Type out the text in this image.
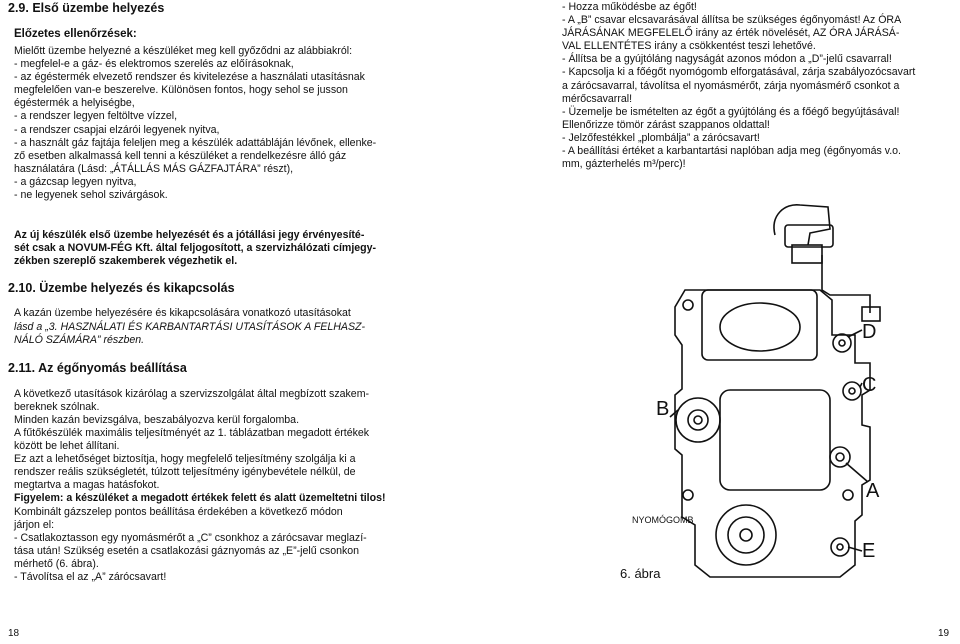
2.9. Első üzembe helyezés
Előzetes ellenőrzések:
Mielőtt üzembe helyezné a készüléket meg kell győződni az alábbiakról:
- megfelel-e a gáz- és elektromos szerelés az előírásoknak,
- az égéstermék elvezető rendszer és kivitelezése a használati utasításnak
megfelelően van-e beszerelve. Különösen fontos, hogy sehol se jusson
égéstermék a helyiségbe,
- a rendszer legyen feltöltve vízzel,
- a rendszer csapjai elzárói legyenek nyitva,
- a használt gáz fajtája feleljen meg a készülék adattábláján lévőnek, ellenke-
ző esetben alkalmassá kell tenni a készüléket a rendelkezésre álló gáz
használatára (Lásd: „ÁTÁLLÁS MÁS GÁZFAJTÁRA” részt),
- a gázcsap legyen nyitva,
- ne legyenek sehol szivárgások.
Az új készülék első üzembe helyezését és a jótállási jegy érvényesíté-
sét csak a NOVUM-FÉG Kft. által feljogosított, a szervizhálózati címjegy-
zékben szereplő szakemberek végezhetik el.
2.10. Üzembe helyezés és kikapcsolás
A kazán üzembe helyezésére és kikapcsolására vonatkozó utasításokat
lásd a „3. HASZNÁLATI ÉS KARBANTARTÁSI UTASÍTÁSOK A FELHASZ-
NÁLÓ SZÁMÁRA” részben.
2.11. Az égőnyomás beállítása
A következő utasítások kizárólag a szervizszolgálat által megbízott szakem-
bereknek szólnak.
Minden kazán bevizsgálva, beszabályozva kerül forgalomba.
A fűtőkészülék maximális teljesítményét az 1. táblázatban megadott értékek
között be lehet állítani.
Ez azt a lehetőséget biztosítja, hogy megfelelő teljesítmény szolgálja ki a
rendszer reális szükségletét, túlzott teljesítmény igénybevétele nélkül, de
megtartva a magas hatásfokot.
Figyelem: a készüléket a megadott értékek felett és alatt üzemeltetni tilos!
Kombinált gázszelep pontos beállítása érdekében a következő módon
járjon el:
- Csatlakoztasson egy nyomásmérőt a „C” csonkhoz a zárócsavar meglazí-
tása után! Szükség esetén a csatlakozási gáznyomás az „E”-jelű csonkon
mérhető (6. ábra).
- Távolítsa el az „A” zárócsavart!
18
- Hozza működésbe az égőt!
- A „B” csavar elcsavarásával állítsa be szükséges égőnyomást! Az ÓRA
JÁRÁSÁNAK MEGFELELŐ irány az érték növelését, AZ ÓRA JÁRÁSÁ-
VAL ELLENTÉTES irány a csökkentést teszi lehetővé.
- Állítsa be a gyújtóláng nagyságát azonos módon a „D”-jelű csavarral!
- Kapcsolja ki a főégőt nyomógomb elforgatásával, zárja szabályozócsavart
a zárócsavarral, távolítsa el nyomásmérőt, zárja nyomásmérő csonkot a
mérőcsavarral!
- Üzemelje be ismételten az égőt a gyújtóláng és a főégő begyújtásával!
Ellenőrizze tömör zárást szappanos oldattal!
- Jelzőfestékkel „plombálja” a zárócsavart!
- A beállítási értéket a karbantartási naplóban adja meg (égőnyomás v.o.
mm, gázterhelés m³/perc)!
19
D
C
B
A
E
NYOMÓGOMB
6. ábra
